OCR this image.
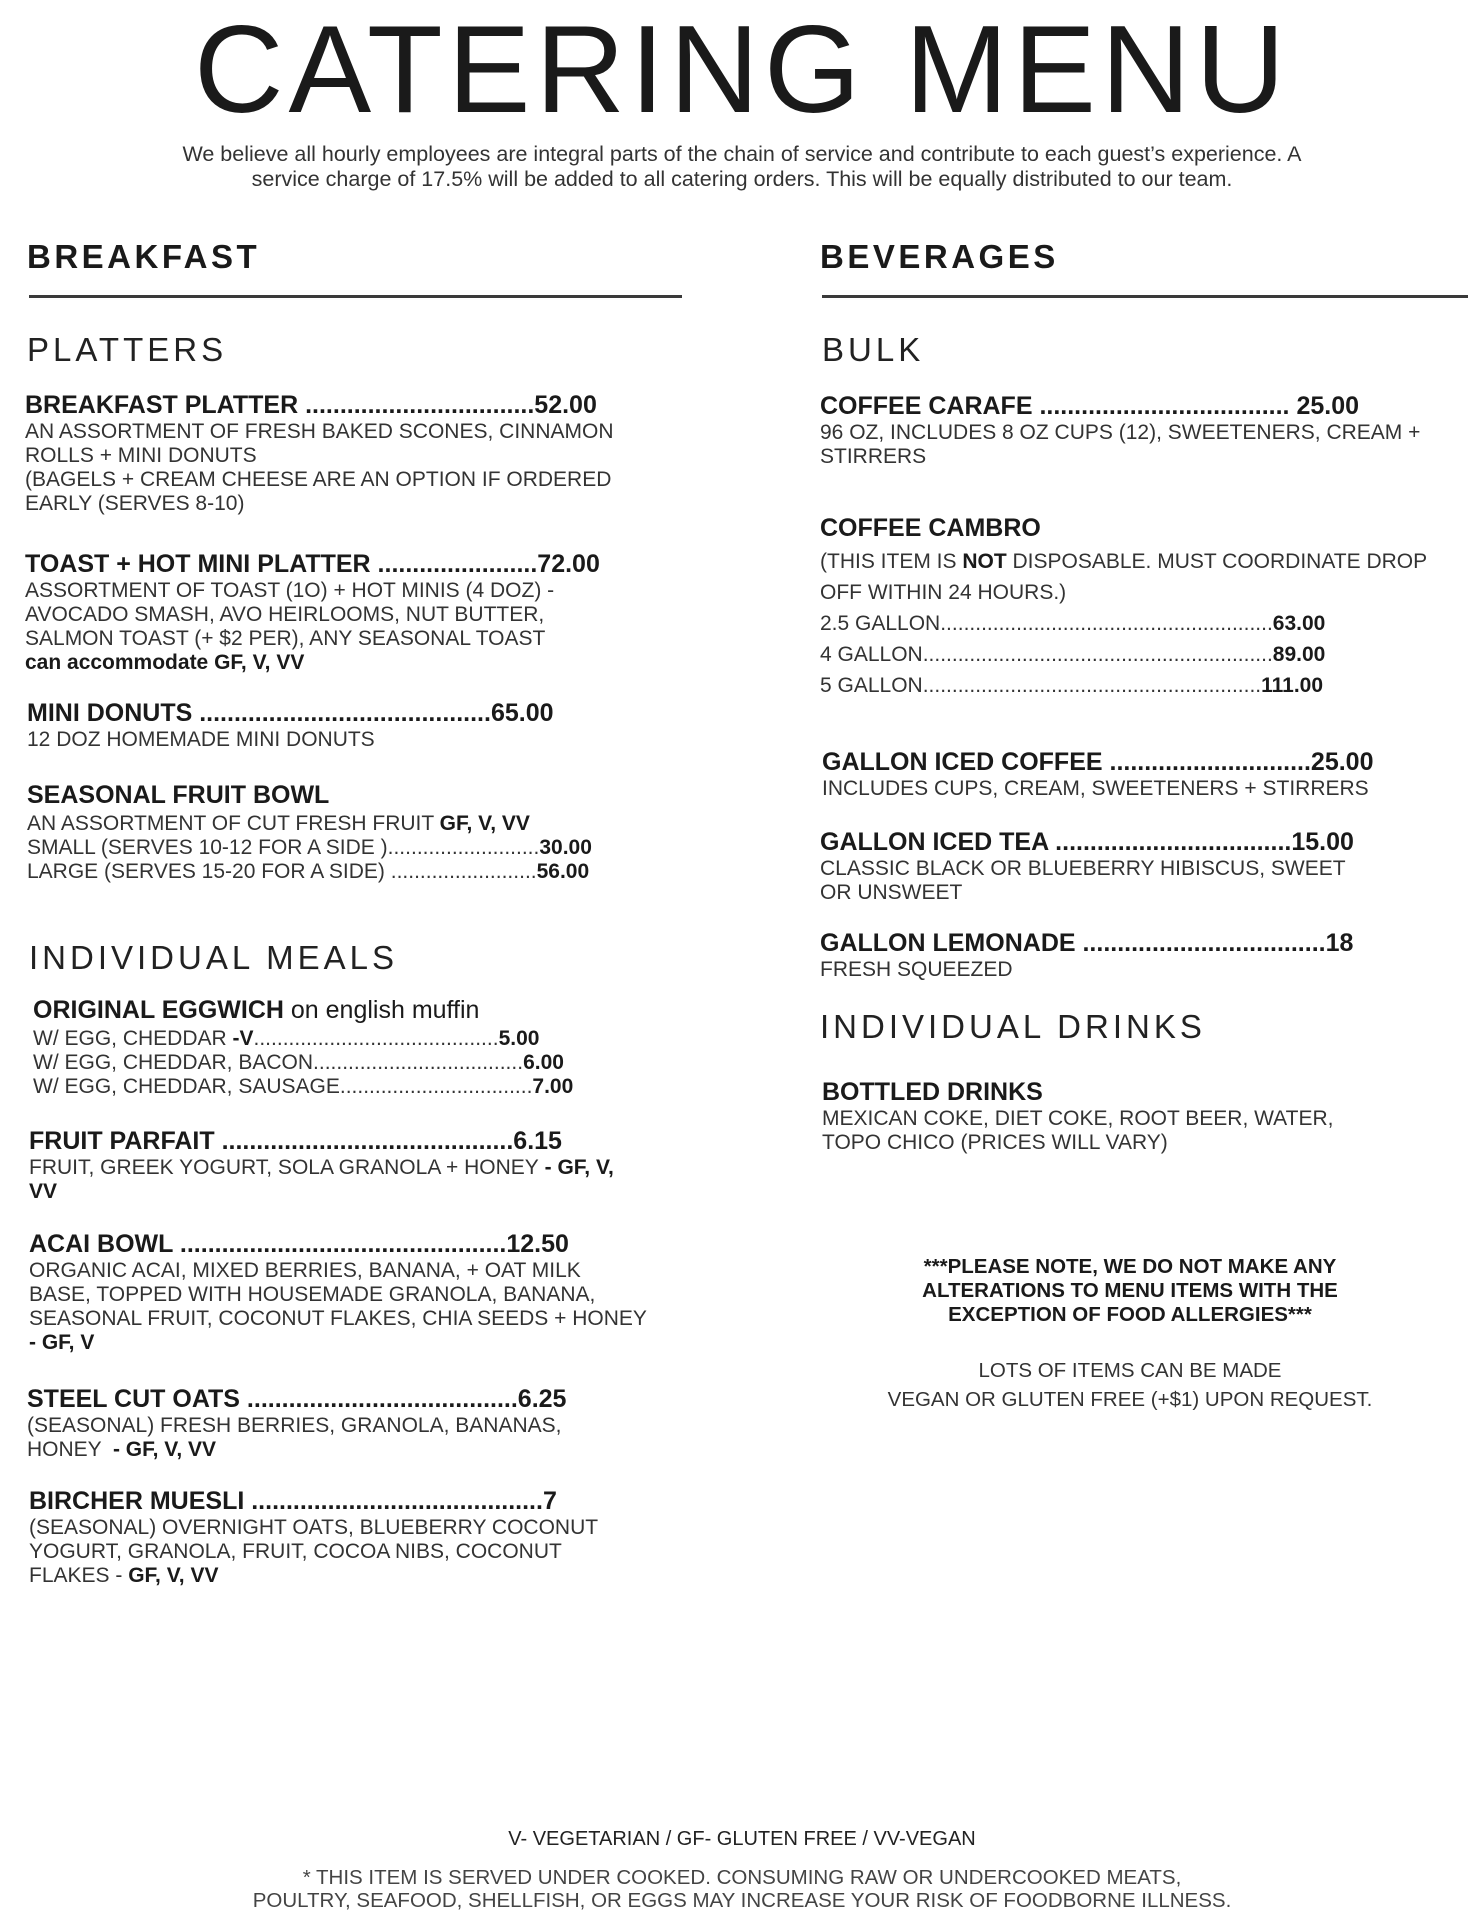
CATERING MENU
We believe all hourly employees are integral parts of the chain of service and contribute to each guest’s experience. A
service charge of 17.5% will be added to all catering orders. This will be equally distributed to our team.
BREAKFAST
PLATTERS
BREAKFAST PLATTER .................................52.00
AN ASSORTMENT OF FRESH BAKED SCONES, CINNAMON
ROLLS + MINI DONUTS
(BAGELS + CREAM CHEESE ARE AN OPTION IF ORDERED
EARLY (SERVES 8-10)
TOAST + HOT MINI PLATTER .......................72.00
ASSORTMENT OF TOAST (1O) + HOT MINIS (4 DOZ) -
AVOCADO SMASH, AVO HEIRLOOMS, NUT BUTTER,
SALMON TOAST (+ $2 PER), ANY SEASONAL TOAST
can accommodate GF, V, VV
MINI DONUTS ..........................................65.00
12 DOZ HOMEMADE MINI DONUTS
SEASONAL FRUIT BOWL
AN ASSORTMENT OF CUT FRESH FRUIT GF, V, VV
SMALL (SERVES 10-12 FOR A SIDE )..........................30.00
LARGE (SERVES 15-20 FOR A SIDE) .........................56.00
INDIVIDUAL MEALS
ORIGINAL EGGWICH on english muffin
W/ EGG, CHEDDAR -V..........................................5.00
W/ EGG, CHEDDAR, BACON....................................6.00
W/ EGG, CHEDDAR, SAUSAGE.................................7.00
FRUIT PARFAIT ..........................................6.15
FRUIT, GREEK YOGURT, SOLA GRANOLA + HONEY - GF, V,
VV
ACAI BOWL ...............................................12.50
ORGANIC ACAI, MIXED BERRIES, BANANA, + OAT MILK
BASE, TOPPED WITH HOUSEMADE GRANOLA, BANANA,
SEASONAL FRUIT, COCONUT FLAKES, CHIA SEEDS + HONEY
- GF, V
STEEL CUT OATS .......................................6.25
(SEASONAL) FRESH BERRIES, GRANOLA, BANANAS,
HONEY  - GF, V, VV
BIRCHER MUESLI ..........................................7
(SEASONAL) OVERNIGHT OATS, BLUEBERRY COCONUT
YOGURT, GRANOLA, FRUIT, COCOA NIBS, COCONUT
FLAKES - GF, V, VV
BEVERAGES
BULK
COFFEE CARAFE .................................... 25.00
96 OZ, INCLUDES 8 OZ CUPS (12), SWEETENERS, CREAM +
STIRRERS
COFFEE CAMBRO
(THIS ITEM IS NOT DISPOSABLE. MUST COORDINATE DROP
OFF WITHIN 24 HOURS.)
2.5 GALLON.........................................................63.00
4 GALLON............................................................89.00
5 GALLON..........................................................111.00
GALLON ICED COFFEE .............................25.00
INCLUDES CUPS, CREAM, SWEETENERS + STIRRERS
GALLON ICED TEA ..................................15.00
CLASSIC BLACK OR BLUEBERRY HIBISCUS, SWEET
OR UNSWEET
GALLON LEMONADE ...................................18
FRESH SQUEEZED
INDIVIDUAL DRINKS
BOTTLED DRINKS
MEXICAN COKE, DIET COKE, ROOT BEER, WATER,
TOPO CHICO (PRICES WILL VARY)
***PLEASE NOTE, WE DO NOT MAKE ANY
ALTERATIONS TO MENU ITEMS WITH THE
EXCEPTION OF FOOD ALLERGIES***
LOTS OF ITEMS CAN BE MADE
VEGAN OR GLUTEN FREE (+$1) UPON REQUEST.
V- VEGETARIAN / GF- GLUTEN FREE / VV-VEGAN
* THIS ITEM IS SERVED UNDER COOKED. CONSUMING RAW OR UNDERCOOKED MEATS,
POULTRY, SEAFOOD, SHELLFISH, OR EGGS MAY INCREASE YOUR RISK OF FOODBORNE ILLNESS.
